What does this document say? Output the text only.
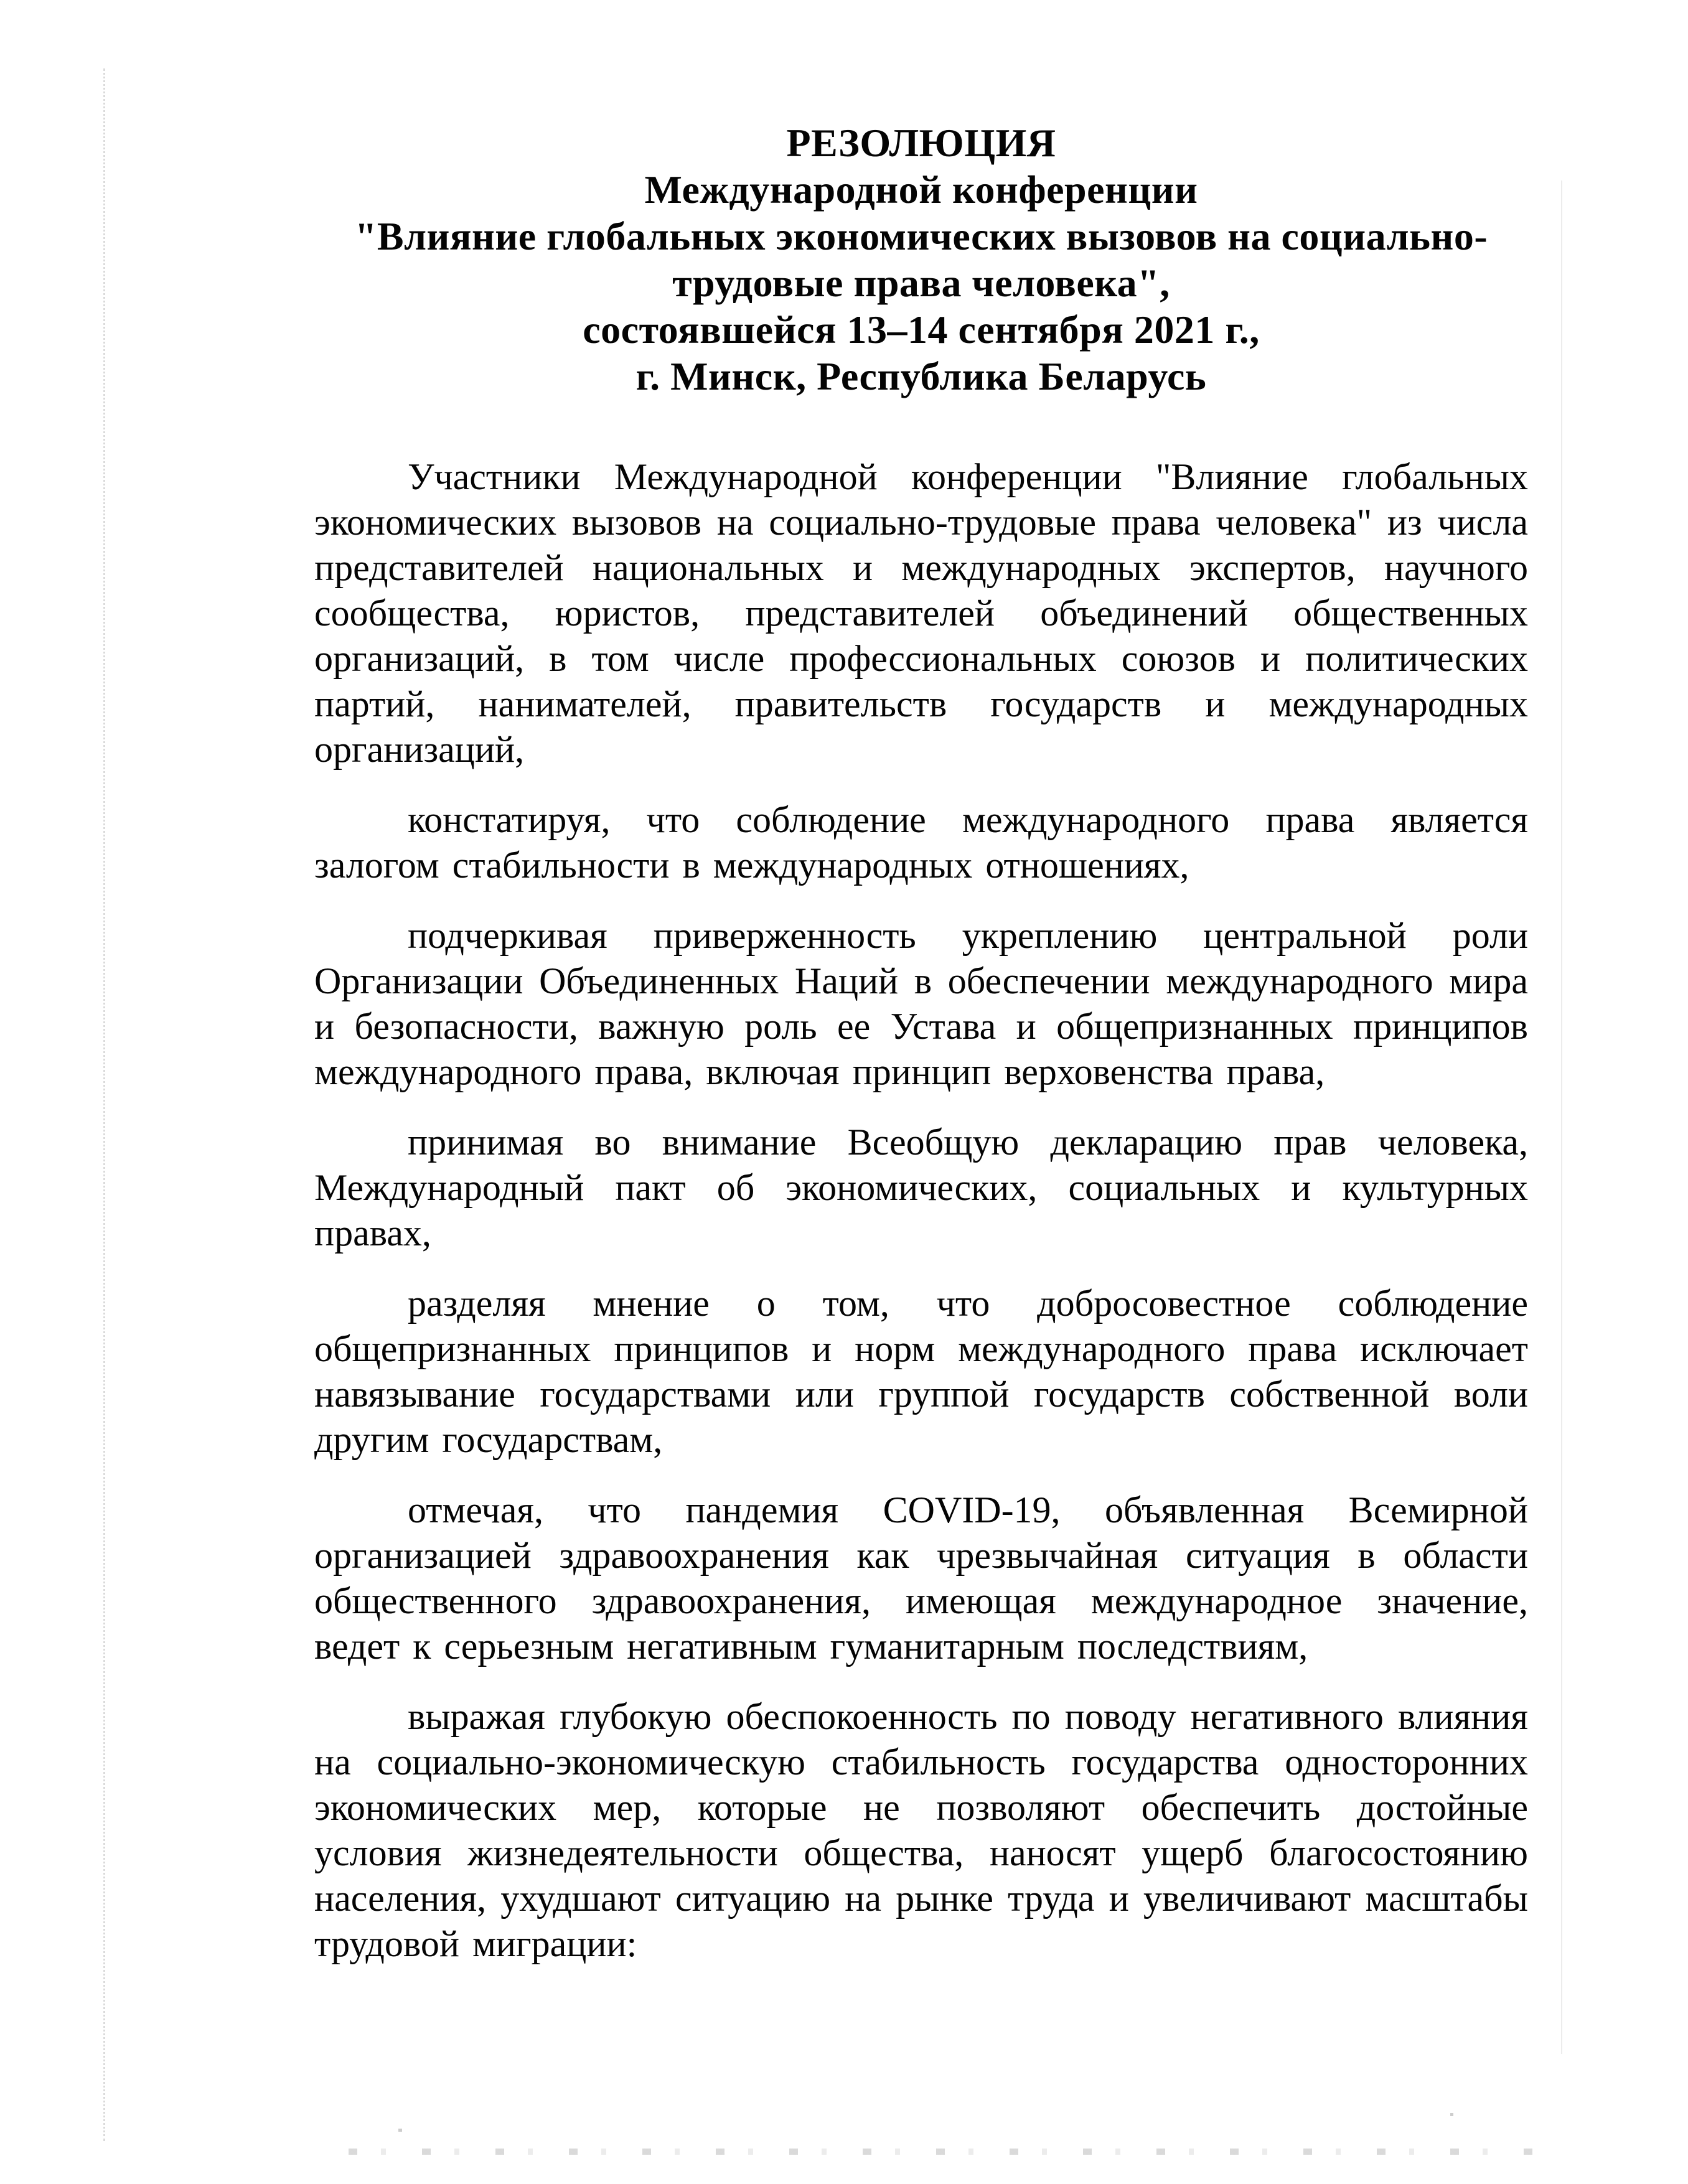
РЕЗОЛЮЦИЯ
Международной конференции
"Влияние глобальных экономических вызовов на социально-
трудовые права человека",
состоявшейся 13–14 сентября 2021 г.,
г. Минск, Республика Беларусь

Участники Международной конференции "Влияние глобальных экономических вызовов на социально-трудовые права человека" из числа представителей национальных и международных экспертов, научного сообщества, юристов, представителей объединений общественных организаций, в том числе профессиональных союзов и политических партий, нанимателей, правительств государств и международных организаций,

констатируя, что соблюдение международного права является залогом стабильности в международных отношениях,

подчеркивая приверженность укреплению центральной роли Организации Объединенных Наций в обеспечении международного мира и безопасности, важную роль ее Устава и общепризнанных принципов международного права, включая принцип верховенства права,

принимая во внимание Всеобщую декларацию прав человека, Международный пакт об экономических, социальных и культурных правах,

разделяя мнение о том, что добросовестное соблюдение общепризнанных принципов и норм международного права исключает навязывание государствами или группой государств собственной воли другим государствам,

отмечая, что пандемия COVID-19, объявленная Всемирной организацией здравоохранения как чрезвычайная ситуация в области общественного здравоохранения, имеющая международное значение, ведет к серьезным негативным гуманитарным последствиям,

выражая глубокую обеспокоенность по поводу негативного влияния на социально-экономическую стабильность государства односторонних экономических мер, которые не позволяют обеспечить достойные условия жизнедеятельности общества, наносят ущерб благосостоянию населения, ухудшают ситуацию на рынке труда и увеличивают масштабы трудовой миграции:
